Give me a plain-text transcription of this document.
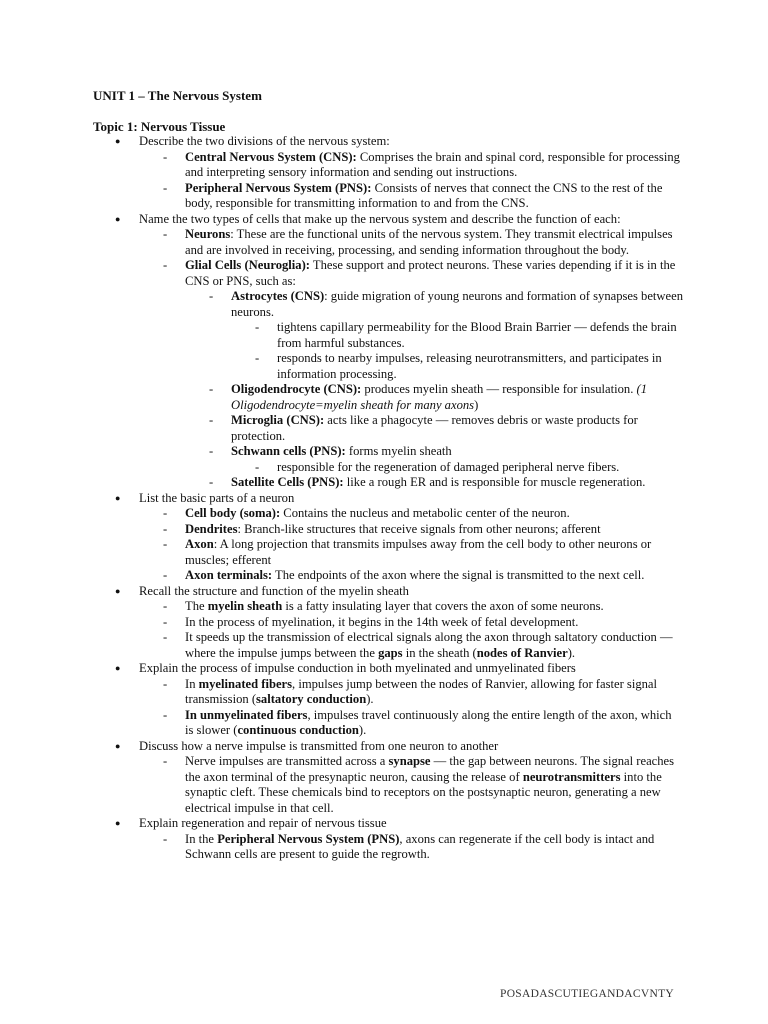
UNIT 1 – The Nervous System
Topic 1: Nervous Tissue
● Describe the two divisions of the nervous system:
- Central Nervous System (CNS): Comprises the brain and spinal cord, responsible for processing and interpreting sensory information and sending out instructions.
- Peripheral Nervous System (PNS): Consists of nerves that connect the CNS to the rest of the body, responsible for transmitting information to and from the CNS.
● Name the two types of cells that make up the nervous system and describe the function of each:
- Neurons: These are the functional units of the nervous system. They transmit electrical impulses and are involved in receiving, processing, and sending information throughout the body.
- Glial Cells (Neuroglia): These support and protect neurons. These varies depending if it is in the CNS or PNS, such as:
- Astrocytes (CNS): guide migration of young neurons and formation of synapses between neurons.
- tightens capillary permeability for the Blood Brain Barrier — defends the brain from harmful substances.
- responds to nearby impulses, releasing neurotransmitters, and participates in information processing.
- Oligodendrocyte (CNS): produces myelin sheath — responsible for insulation. (1 Oligodendrocyte=myelin sheath for many axons)
- Microglia (CNS): acts like a phagocyte — removes debris or waste products for protection.
- Schwann cells (PNS): forms myelin sheath
- responsible for the regeneration of damaged peripheral nerve fibers.
- Satellite Cells (PNS): like a rough ER and is responsible for muscle regeneration.
● List the basic parts of a neuron
- Cell body (soma): Contains the nucleus and metabolic center of the neuron.
- Dendrites: Branch-like structures that receive signals from other neurons; afferent
- Axon: A long projection that transmits impulses away from the cell body to other neurons or muscles; efferent
- Axon terminals: The endpoints of the axon where the signal is transmitted to the next cell.
● Recall the structure and function of the myelin sheath
- The myelin sheath is a fatty insulating layer that covers the axon of some neurons.
- In the process of myelination, it begins in the 14th week of fetal development.
- It speeds up the transmission of electrical signals along the axon through saltatory conduction — where the impulse jumps between the gaps in the sheath (nodes of Ranvier).
● Explain the process of impulse conduction in both myelinated and unmyelinated fibers
- In myelinated fibers, impulses jump between the nodes of Ranvier, allowing for faster signal transmission (saltatory conduction).
- In unmyelinated fibers, impulses travel continuously along the entire length of the axon, which is slower (continuous conduction).
● Discuss how a nerve impulse is transmitted from one neuron to another
- Nerve impulses are transmitted across a synapse — the gap between neurons. The signal reaches the axon terminal of the presynaptic neuron, causing the release of neurotransmitters into the synaptic cleft. These chemicals bind to receptors on the postsynaptic neuron, generating a new electrical impulse in that cell.
● Explain regeneration and repair of nervous tissue
- In the Peripheral Nervous System (PNS), axons can regenerate if the cell body is intact and Schwann cells are present to guide the regrowth.
POSADASCUTIEGANDACVNTY
